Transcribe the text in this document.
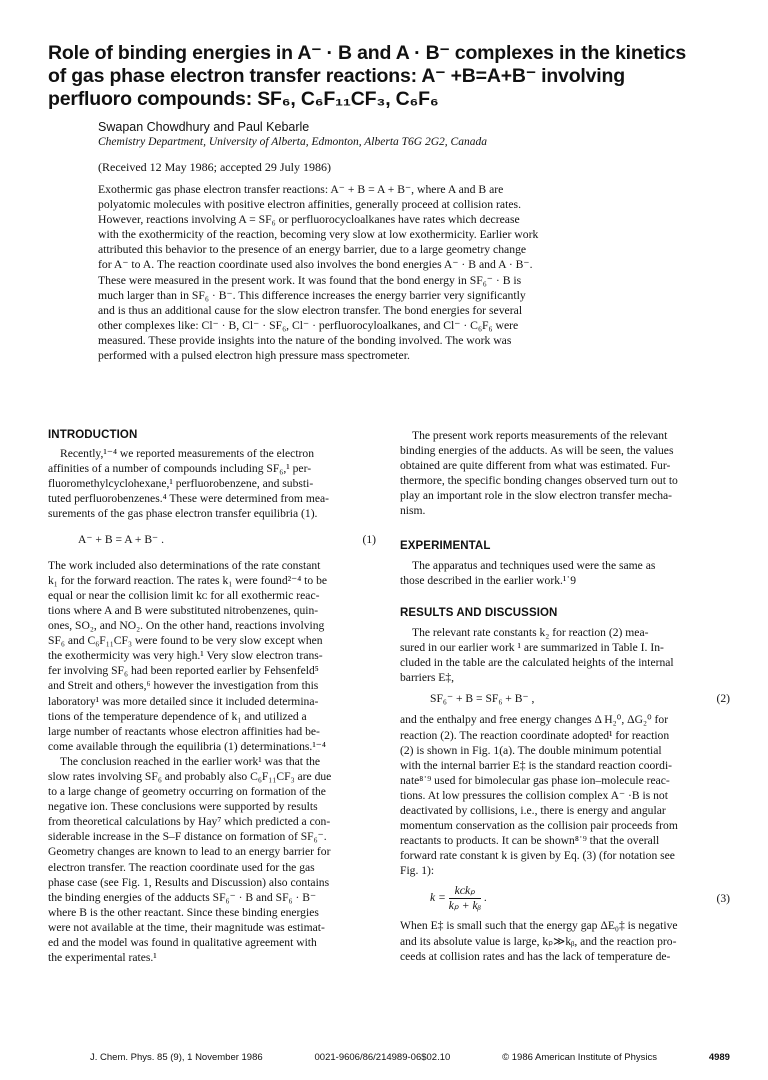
Role of binding energies in A⁻ · B and A · B⁻ complexes in the kinetics
of gas phase electron transfer reactions: A⁻ +B=A+B⁻ involving
perfluoro compounds: SF₆, C₆F₁₁CF₃, C₆F₆
Swapan Chowdhury and Paul Kebarle
Chemistry Department, University of Alberta, Edmonton, Alberta T6G 2G2, Canada
(Received 12 May 1986; accepted 29 July 1986)
Exothermic gas phase electron transfer reactions: A⁻ + B = A + B⁻, where A and B are
polyatomic molecules with positive electron affinities, generally proceed at collision rates.
However, reactions involving A = SF₆ or perfluorocycloalkanes have rates which decrease
with the exothermicity of the reaction, becoming very slow at low exothermicity. Earlier work
attributed this behavior to the presence of an energy barrier, due to a large geometry change
for A⁻ to A. The reaction coordinate used also involves the bond energies A⁻ · B and A · B⁻.
These were measured in the present work. It was found that the bond energy in SF₆⁻ · B is
much larger than in SF₆ · B⁻. This difference increases the energy barrier very significantly
and is thus an additional cause for the slow electron transfer. The bond energies for several
other complexes like: Cl⁻ · B, Cl⁻ · SF₆, Cl⁻ · perfluorocyloalkanes, and Cl⁻ · C₆F₆ were
measured. These provide insights into the nature of the bonding involved. The work was
performed with a pulsed electron high pressure mass spectrometer.
INTRODUCTION
Recently,¹⁻⁴ we reported measurements of the electron
affinities of a number of compounds including SF₆,¹ per-
fluoromethylcyclohexane,¹ perfluorobenzene, and substi-
tuted perfluorobenzenes.⁴ These were determined from mea-
surements of the gas phase electron transfer equilibria (1).
A⁻ + B = A + B⁻ .	(1)
The work included also determinations of the rate constant
k₁ for the forward reaction. The rates k₁ were found²⁻⁴ to be
equal or near the collision limit kᴄ for all exothermic reac-
tions where A and B were substituted nitrobenzenes, quin-
ones, SO₂, and NO₂. On the other hand, reactions involving
SF₆ and C₆F₁₁CF₃ were found to be very slow except when
the exothermicity was very high.¹ Very slow electron trans-
fer involving SF₆ had been reported earlier by Fehsenfeld⁵
and Streit and others,⁶ however the investigation from this
laboratory¹ was more detailed since it included determina-
tions of the temperature dependence of k₁ and utilized a
large number of reactants whose electron affinities had be-
come available through the equilibria (1) determinations.¹⁻⁴
The conclusion reached in the earlier work¹ was that the
slow rates involving SF₆ and probably also C₆F₁₁CF₃ are due
to a large change of geometry occurring on formation of the
negative ion. These conclusions were supported by results
from theoretical calculations by Hay⁷ which predicted a con-
siderable increase in the S–F distance on formation of SF₆⁻.
Geometry changes are known to lead to an energy barrier for
electron transfer. The reaction coordinate used for the gas
phase case (see Fig. 1, Results and Discussion) also contains
the binding energies of the adducts SF₆⁻ · B and SF₆ · B⁻
where B is the other reactant. Since these binding energies
were not available at the time, their magnitude was estimat-
ed and the model was found in qualitative agreement with
the experimental rates.¹
The present work reports measurements of the relevant
binding energies of the adducts. As will be seen, the values
obtained are quite different from what was estimated. Fur-
thermore, the specific bonding changes observed turn out to
play an important role in the slow electron transfer mecha-
nism.
EXPERIMENTAL
The apparatus and techniques used were the same as
those described in the earlier work.¹˙9
RESULTS AND DISCUSSION
The relevant rate constants k₂ for reaction (2) mea-
sured in our earlier work ¹ are summarized in Table I. In-
cluded in the table are the calculated heights of the internal
barriers E‡,
SF₆⁻ + B = SF₆ + B⁻ ,	(2)
and the enthalpy and free energy changes Δ H₂⁰, ΔG₂⁰ for
reaction (2). The reaction coordinate adopted¹ for reaction
(2) is shown in Fig. 1(a). The double minimum potential
with the internal barrier E‡ is the standard reaction coordi-
nate⁸˙⁹ used for bimolecular gas phase ion–molecule reac-
tions. At low pressures the collision complex A⁻ ·B is not
deactivated by collisions, i.e., there is energy and angular
momentum conservation as the collision pair proceeds from
reactants to products. It can be shown⁸˙⁹ that the overall
forward rate constant k is given by Eq. (3) (for notation see
Fig. 1):
$k = \frac{\text{kᴄkₚ}}{\text{kₚ + kᵦ}}$ .	(3)
When E‡ is small such that the energy gap ΔE₀‡ is negative
and its absolute value is large, kₚ≫kᵦ, and the reaction pro-
ceeds at collision rates and has the lack of temperature de-
J. Chem. Phys. 85 (9), 1 November 1986	0021-9606/86/214989-06$02.10	© 1986 American Institute of Physics	4989
